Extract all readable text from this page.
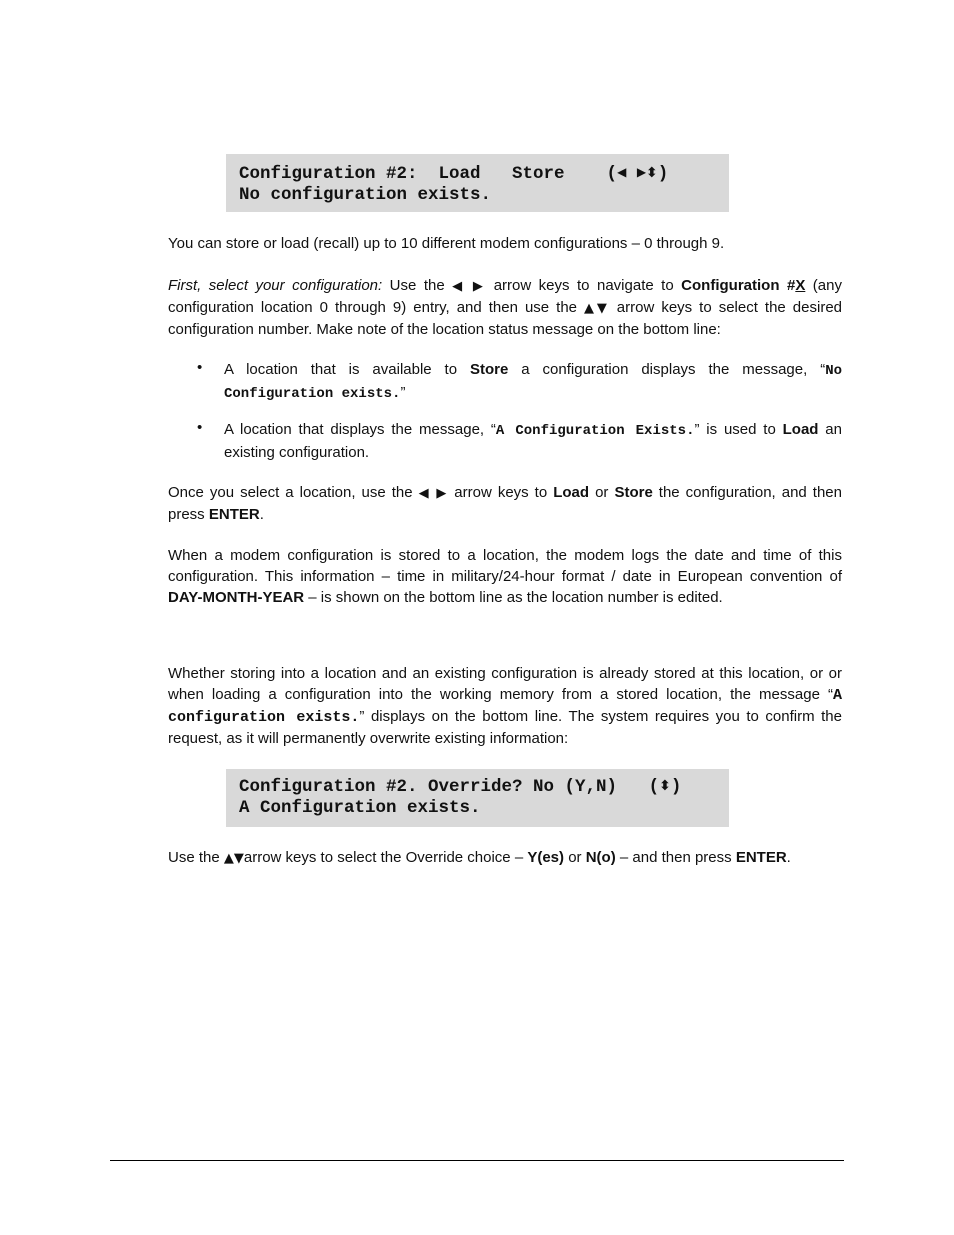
Configuration #2:  Load   Store    (◀ ▶⬍)
No configuration exists.

You can store or load (recall) up to 10 different modem configurations – 0 through 9.

First, select your configuration: Use the ◀ ▶ arrow keys to navigate to Configuration #X (any configuration location 0 through 9) entry, and then use the ▲▼ arrow keys to select the desired configuration number. Make note of the location status message on the bottom line:

• A location that is available to Store a configuration displays the message, “No Configuration exists.”

• A location that displays the message, “A Configuration Exists.” is used to Load an existing configuration.

Once you select a location, use the ◀ ▶ arrow keys to Load or Store the configuration, and then press ENTER.

When a modem configuration is stored to a location, the modem logs the date and time of this configuration. This information – time in military/24-hour format / date in European convention of DAY-MONTH-YEAR – is shown on the bottom line as the location number is edited.

Whether storing into a location and an existing configuration is already stored at this location, or or when loading a configuration into the working memory from a stored location, the message “A configuration exists.” displays on the bottom line. The system requires you to confirm the request, as it will permanently overwrite existing information:

Configuration #2. Override? No (Y,N)   (⬍)
A Configuration exists.

Use the ▲▼arrow keys to select the Override choice – Y(es) or N(o) – and then press ENTER.
